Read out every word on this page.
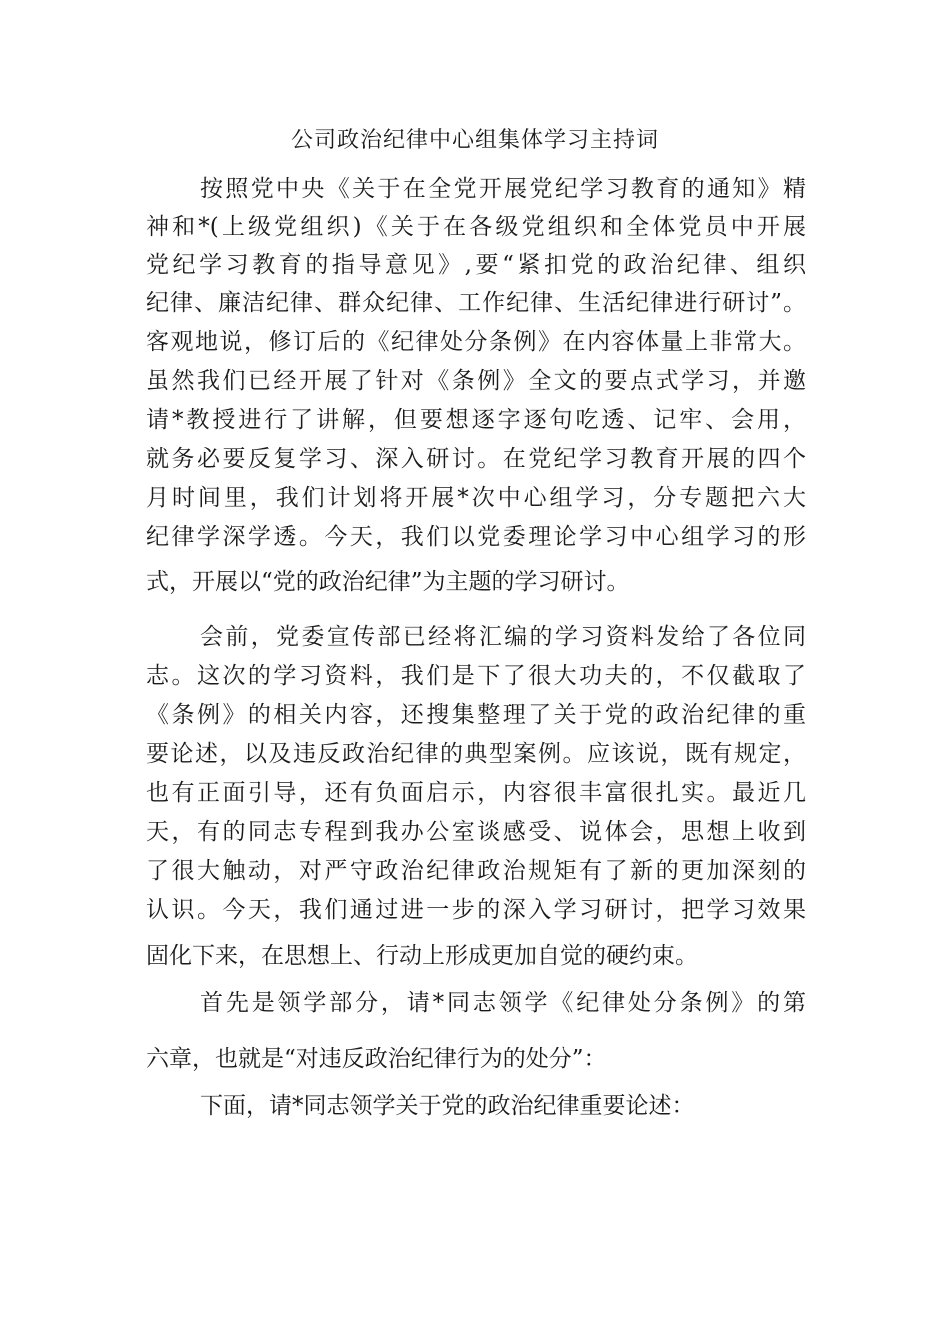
公司政治纪律中心组集体学习主持词
按照党中央《关于在全党开展党纪学习教育的通知》精
神和*(上级党组织)《关于在各级党组织和全体党员中开展
党纪学习教育的指导意见》,要“紧扣党的政治纪律、组织
纪律、廉洁纪律、群众纪律、工作纪律、生活纪律进行研讨”。
客观地说，修订后的《纪律处分条例》在内容体量上非常大。
虽然我们已经开展了针对《条例》全文的要点式学习，并邀
请*教授进行了讲解，但要想逐字逐句吃透、记牢、会用，
就务必要反复学习、深入研讨。在党纪学习教育开展的四个
月时间里，我们计划将开展*次中心组学习，分专题把六大
纪律学深学透。今天，我们以党委理论学习中心组学习的形
式，开展以“党的政治纪律”为主题的学习研讨。
会前，党委宣传部已经将汇编的学习资料发给了各位同
志。这次的学习资料，我们是下了很大功夫的，不仅截取了
《条例》的相关内容，还搜集整理了关于党的政治纪律的重
要论述，以及违反政治纪律的典型案例。应该说，既有规定，
也有正面引导，还有负面启示，内容很丰富很扎实。最近几
天，有的同志专程到我办公室谈感受、说体会，思想上收到
了很大触动，对严守政治纪律政治规矩有了新的更加深刻的
认识。今天，我们通过进一步的深入学习研讨，把学习效果
固化下来，在思想上、行动上形成更加自觉的硬约束。
首先是领学部分，请*同志领学《纪律处分条例》的第
六章，也就是“对违反政治纪律行为的处分”：
下面，请*同志领学关于党的政治纪律重要论述：
